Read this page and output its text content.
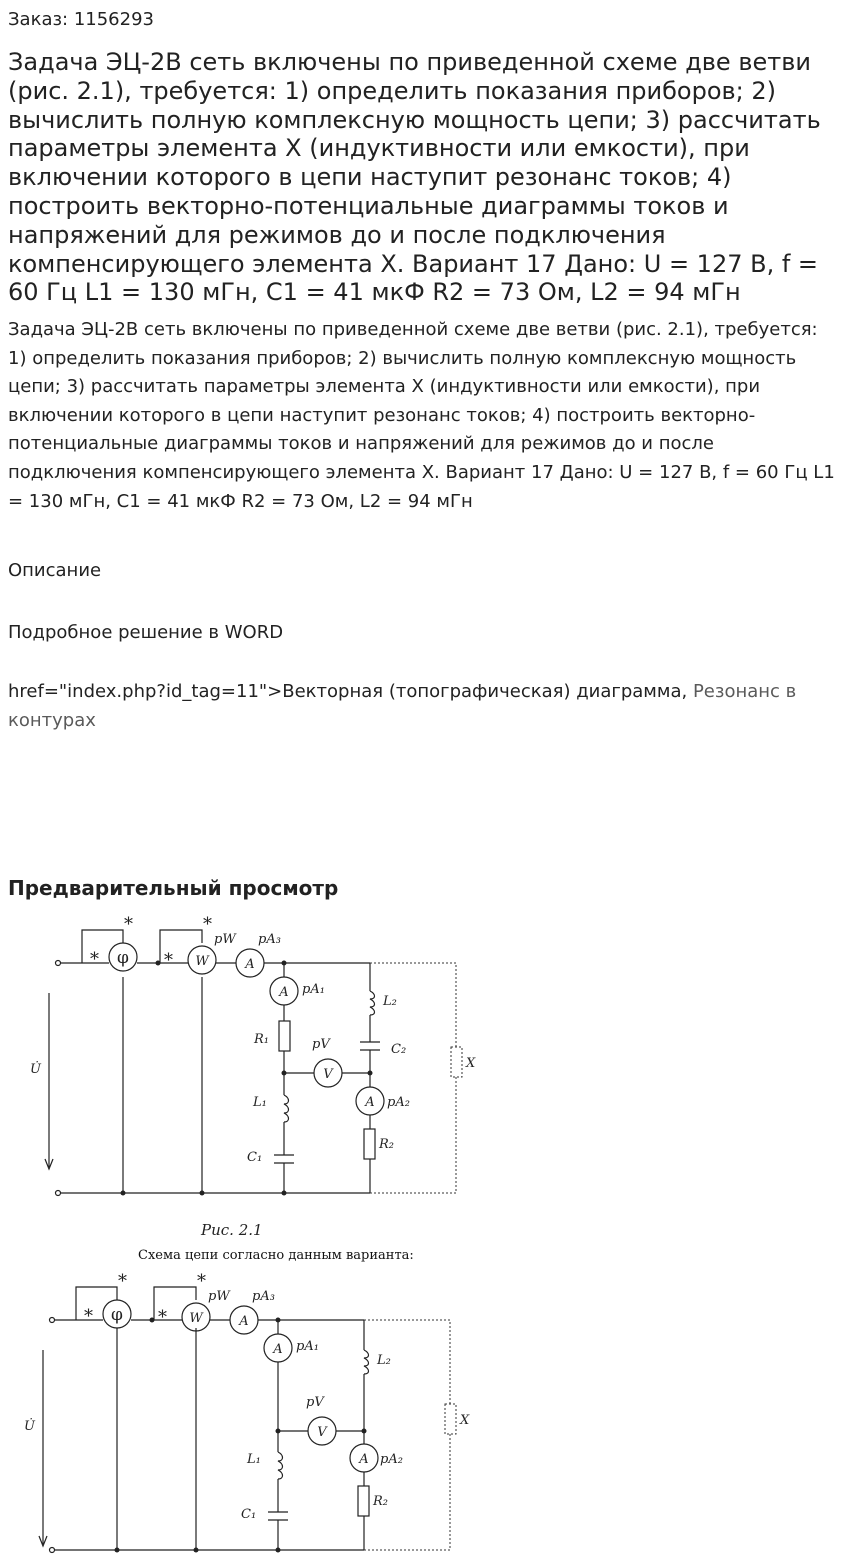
Заказ: 1156293
Задача ЭЦ-2В сеть включены по приведенной схеме две ветви (рис. 2.1), требуется: 1) определить показания приборов; 2) вычислить полную комплексную мощность цепи; 3) рассчитать параметры элемента Х (индуктивности или емкости), при включении которого в цепи наступит резонанс токов; 4) построить векторно-потенциальные диаграммы токов и напряжений для режимов до и после подключения компенсирующего элемента Х. Вариант 17 Дано: U = 127 В, f = 60 Гц L1 = 130 мГн, C1 = 41 мкФ R2 = 73 Ом, L2 = 94 мГн

Задача ЭЦ-2В сеть включены по приведенной схеме две ветви (рис. 2.1), требуется: 1) определить показания приборов; 2) вычислить полную комплексную мощность цепи; 3) рассчитать параметры элемента Х (индуктивности или емкости), при включении которого в цепи наступит резонанс токов; 4) построить векторно-потенциальные диаграммы токов и напряжений для режимов до и после подключения компенсирующего элемента Х. Вариант 17 Дано: U = 127 В, f = 60 Гц L1 = 130 мГн, C1 = 41 мкФ R2 = 73 Ом, L2 = 94 мГн

Описание
Подробное решение в WORD

href="index.php?id_tag=11">Векторная (топографическая) диаграмма, Резонанс в контурах

Предварительный просмотр
φ	W	A
A
V
A
*	*
*	*
pW pA₃
pA₁
pV
pA₂
R₁
L₁
C₁
L₂
C₂
R₂
X
U̇
Рис. 2.1
Схема цепи согласно данным варианта:
φ	W	A
A
V
A
*	*
*	*
pW pA₃
pA₁
pV
pA₂
L₁
C₁
L₂
R₂
X
U̇
